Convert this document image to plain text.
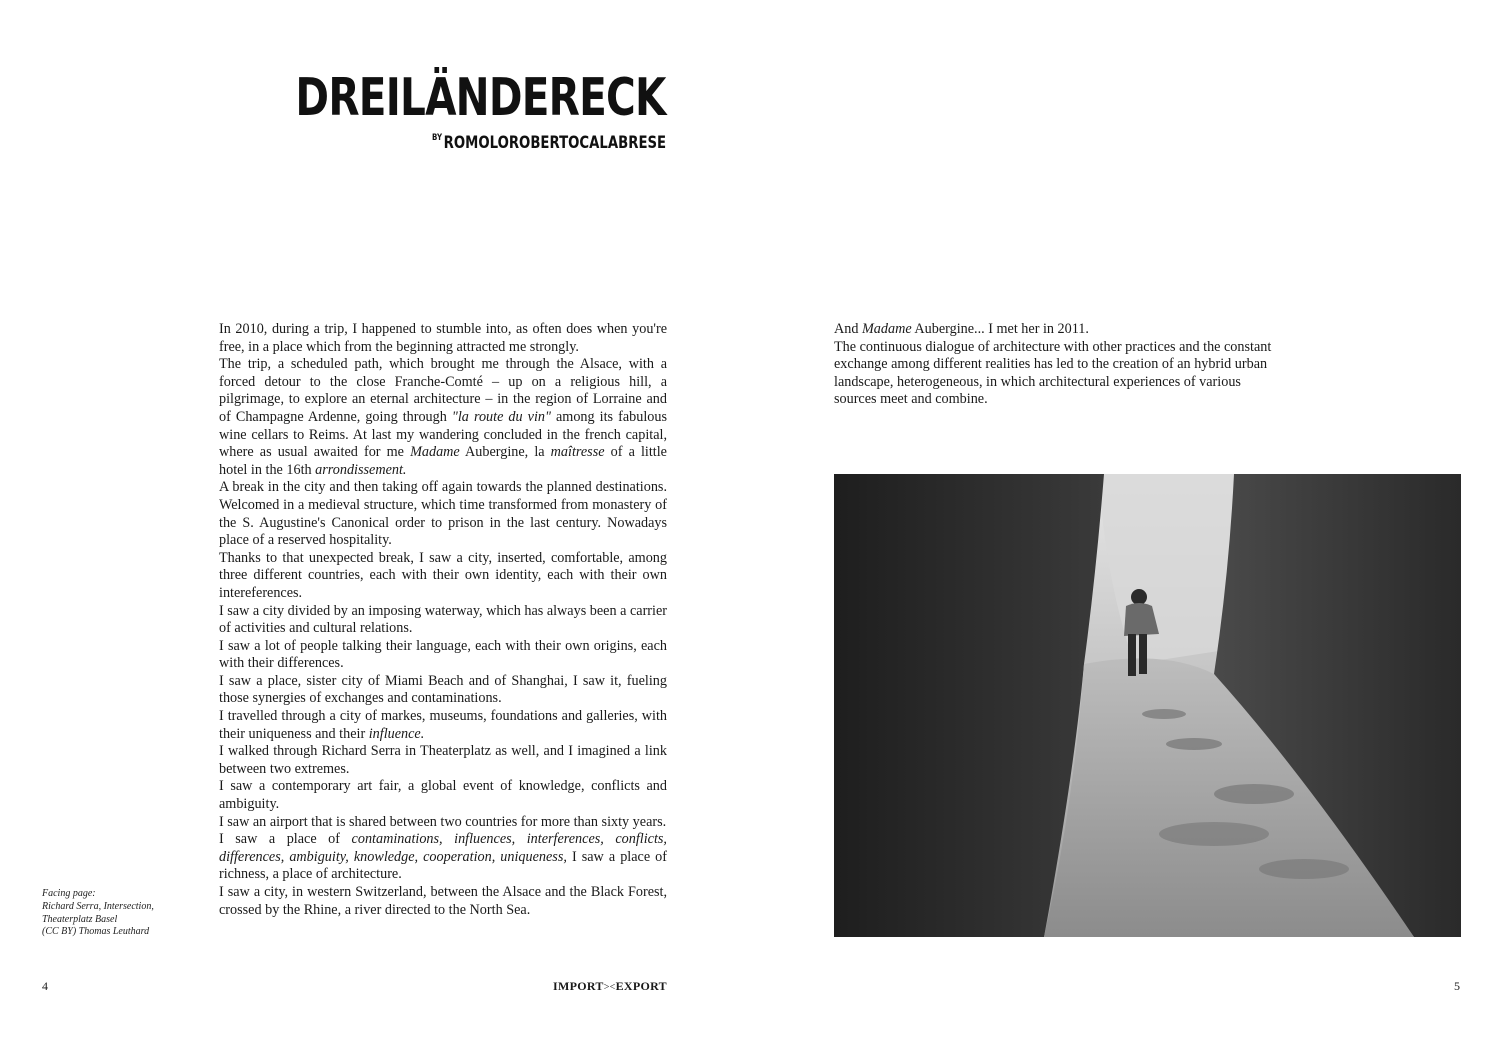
DREILÄNDERECK
$^{BY}$ROMOLOROBERTOCALABRESE

In 2010, during a trip, I happened to stumble into, as often does when you're free, in a place which from the beginning attracted me strongly.

The trip, a scheduled path, which brought me through the Alsace, with a forced detour to the close Franche-Comté – up on a religious hill, a pilgrimage, to explore an eternal architecture – in the region of Lorraine and of Champagne Ardenne, going through "la route du vin" among its fabulous wine cellars to Reims. At last my wandering concluded in the french capital, where as usual awaited for me Madame Aubergine, la maîtresse of a little hotel in the 16th arrondissement.

A break in the city and then taking off again towards the planned destinations. Welcomed in a medieval structure, which time transformed from monastery of the S. Augustine's Canonical order to prison in the last century. Nowadays place of a reserved hospitality.

Thanks to that unexpected break, I saw a city, inserted, comfortable, among three different countries, each with their own identity, each with their own intereferences.

I saw a city divided by an imposing waterway, which has always been a carrier of activities and cultural relations.

I saw a lot of people talking their language, each with their own origins, each with their differences.

I saw a place, sister city of Miami Beach and of Shanghai, I saw it, fueling those synergies of exchanges and contaminations.

I travelled through a city of markes, museums, foundations and galleries, with their uniqueness and their influence.

I walked through Richard Serra in Theaterplatz as well, and I imagined a link between two extremes.

I saw a contemporary art fair, a global event of knowledge, conflicts and ambiguity.

I saw an airport that is shared between two countries for more than sixty years.

I saw a place of contaminations, influences, interferences, conflicts, differences, ambiguity, knowledge, cooperation, uniqueness, I saw a place of richness, a place of architecture.

I saw a city, in western Switzerland, between the Alsace and the Black Forest, crossed by the Rhine, a river directed to the North Sea.

And Madame Aubergine... I met her in 2011.

The continuous dialogue of architecture with other practices and the constant exchange among different realities has led to the creation of an hybrid urban landscape, heterogeneous, in which architectural experiences of various sources meet and combine.

Facing page:
Richard Serra, Intersection,
Theaterplatz Basel
(CC BY) Thomas Leuthard
4	IMPORT><EXPORT	5
